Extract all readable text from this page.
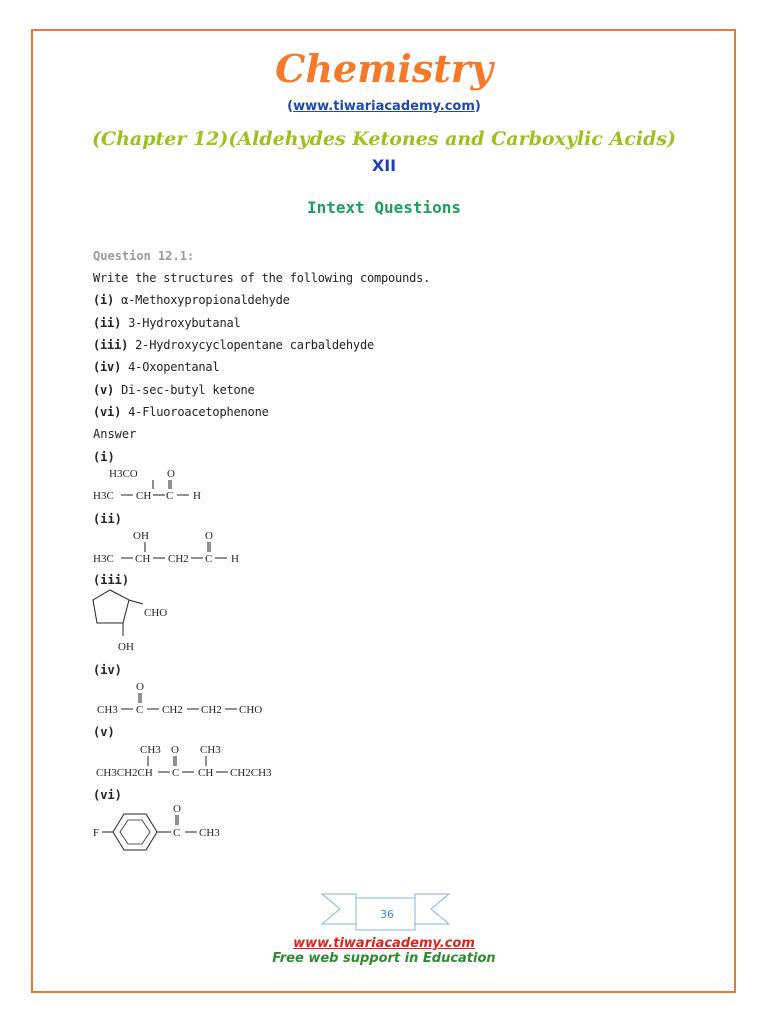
Chemistry
(www.tiwariacademy.com)
(Chapter 12)(Aldehydes Ketones and Carboxylic Acids)
XII
Intext Questions
Question 12.1:
Write the structures of the following compounds.
(i) α-Methoxypropionaldehyde
(ii) 3-Hydroxybutanal
(iii) 2-Hydroxycyclopentane carbaldehyde
(iv) 4-Oxopentanal
(v) Di-sec-butyl ketone
(vi) 4-Fluoroacetophenone
Answer
(i)
H3CO	O
H3C CH C H
(ii)
OH	O
H3C CH CH2 C H
(iii)
CHO
OH
(iv)
O
CH3 C CH2 CH2 CHO
(v)
CH3 O CH3
CH3CH2CH C CH CH2CH3
(vi)
F
O
C CH3
36
www.tiwariacademy.com
Free web support in Education
